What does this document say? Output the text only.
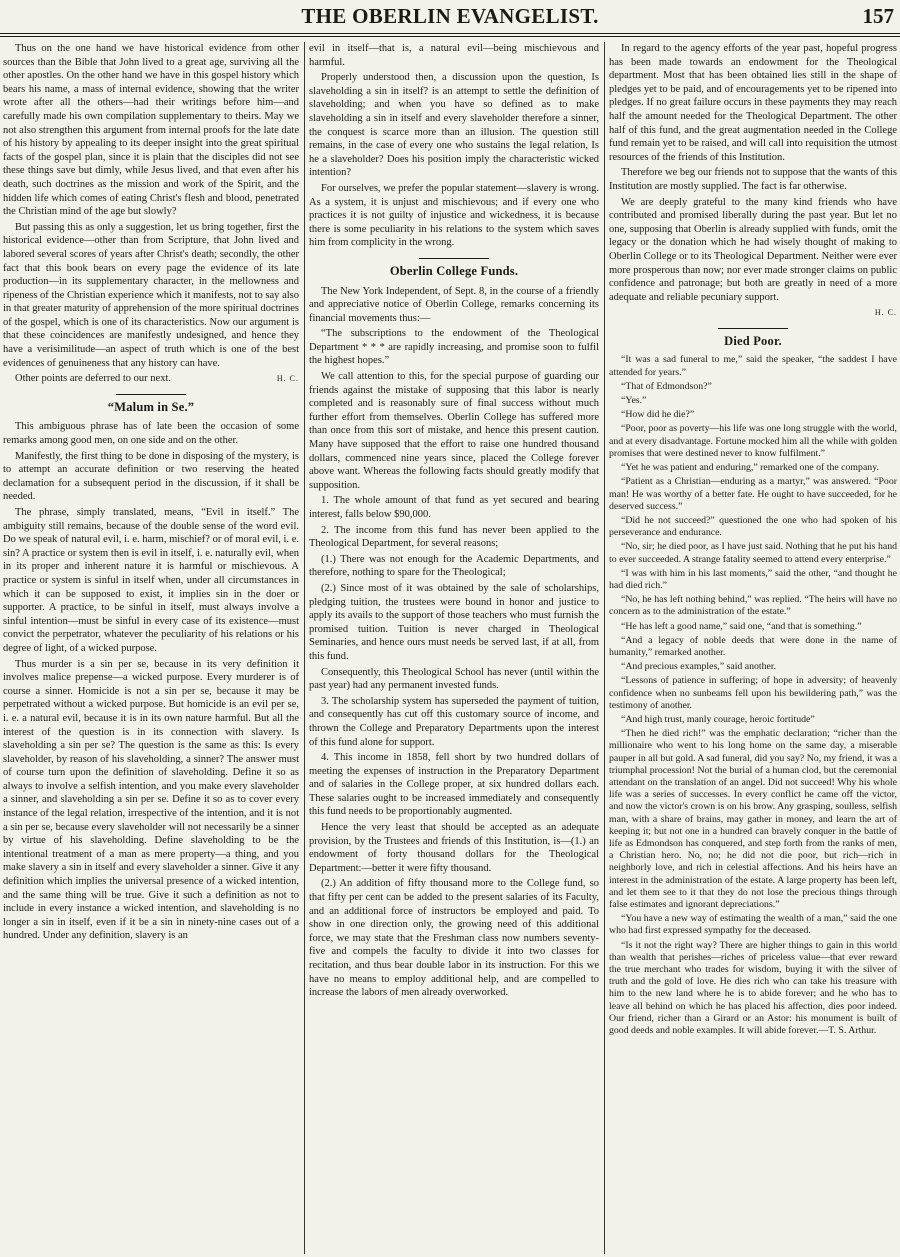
THE OBERLIN EVANGELIST.	157

Thus on the one hand we have historical evidence from other sources than the Bible that John lived to a great age, surviving all the other apostles. On the other hand we have in this gospel history which bears his name, a mass of internal evidence, showing that the writer wrote after all the others—had their writings before him—and carefully made his own compilation supplementary to theirs. May we not also strengthen this argument from internal proofs for the late date of his history by appealing to its deeper insight into the great spiritual facts of the gospel plan, since it is plain that the disciples did not see these things save but dimly, while Jesus lived, and that even after his death, such doctrines as the mission and work of the Spirit, and the hidden life which comes of eating Christ's flesh and blood, penetrated the Christian mind of the age but slowly?

But passing this as only a suggestion, let us bring together, first the historical evidence—other than from Scripture, that John lived and labored several scores of years after Christ's death; secondly, the other fact that this book bears on every page the evidence of its late production—in its supplementary character, in the mellowness and ripeness of the Christian experience which it manifests, not to say also in that greater maturity of apprehension of the more spiritual doctrines of the gospel, which is one of its characteristics. Now our argument is that these coincidences are manifestly undesigned, and hence they have a verisimilitude—an aspect of truth which is one of the best evidences of genuineness that any history can have.

Other points are deferred to our next.	H. C.

“Malum in Se.”

This ambiguous phrase has of late been the occasion of some remarks among good men, on one side and on the other.

Manifestly, the first thing to be done in disposing of the mystery, is to attempt an accurate definition or two reserving the heated declamation for a subsequent period in the discussion, if it shall be needed.

The phrase, simply translated, means, “Evil in itself.” The ambiguity still remains, because of the double sense of the word evil. Do we speak of natural evil, i. e. harm, mischief? or of moral evil, i. e. sin? A practice or system then is evil in itself, i. e. naturally evil, when in its proper and inherent nature it is harmful or mischievous. A practice or system is sinful in itself when, under all circumstances in which it can be supposed to exist, it implies sin in the doer or supporter. A practice, to be sinful in itself, must always involve a sinful intention—must be sinful in every case of its existence—must convict the perpetrator, whatever the peculiarity of his relations or his degree of light, of a wicked purpose.

Thus murder is a sin per se, because in its very definition it involves malice prepense—a wicked purpose. Every murderer is of course a sinner. Homicide is not a sin per se, because it may be perpetrated without a wicked purpose. But homicide is an evil per se, i. e. a natural evil, because it is in its own nature harmful. But all the interest of the question is in its connection with slavery. Is slaveholding a sin per se? The question is the same as this: Is every slaveholder, by reason of his slaveholding, a sinner? The answer must of course turn upon the definition of slaveholding. Define it so as always to involve a selfish intention, and you make every slaveholder a sinner, and slaveholding a sin per se. Define it so as to cover every instance of the legal relation, irrespective of the intention, and it is not a sin per se, because every slaveholder will not necessarily be a sinner by virtue of his slaveholding. Define slaveholding to be the intentional treatment of a man as mere property—a thing, and you make slavery a sin in itself and every slaveholder a sinner. Give it any definition which implies the universal presence of a wicked intention, and the same thing will be true. Give it such a definition as not to include in every instance a wicked intention, and slaveholding is no longer a sin in itself, even if it be a sin in ninety-nine cases out of a hundred. Under any definition, slavery is an

evil in itself—that is, a natural evil—being mischievous and harmful.

Properly understood then, a discussion upon the question, Is slaveholding a sin in itself? is an attempt to settle the definition of slaveholding; and when you have so defined as to make slaveholding a sin in itself and every slaveholder therefore a sinner, the conquest is scarce more than an illusion. The question still remains, in the case of every one who sustains the legal relation, Is he a slaveholder? Does his position imply the characteristic wicked intention?

For ourselves, we prefer the popular statement—slavery is wrong. As a system, it is unjust and mischievous; and if every one who practices it is not guilty of injustice and wickedness, it is because there is some peculiarity in his relations to the system which saves him from complicity in the wrong.

Oberlin College Funds.

The New York Independent, of Sept. 8, in the course of a friendly and appreciative notice of Oberlin College, remarks concerning its financial movements thus:—

“The subscriptions to the endowment of the Theological Department * * * are rapidly increasing, and promise soon to fulfil the highest hopes.”

We call attention to this, for the special purpose of guarding our friends against the mistake of supposing that this labor is nearly completed and is reasonably sure of final success without much further effort from themselves. Oberlin College has suffered more than once from this sort of mistake, and hence this present caution. Many have supposed that the effort to raise one hundred thousand dollars, commenced nine years since, placed the College forever above want. Whereas the following facts should greatly modify that supposition.

1. The whole amount of that fund as yet secured and bearing interest, falls below $90,000.

2. The income from this fund has never been applied to the Theological Department, for several reasons;

(1.) There was not enough for the Academic Departments, and therefore, nothing to spare for the Theological;

(2.) Since most of it was obtained by the sale of scholarships, pledging tuition, the trustees were bound in honor and justice to apply its avails to the support of those teachers who must furnish the promised tuition. Tuition is never charged in Theological Seminaries, and hence ours must needs be served last, if at all, from this fund.

Consequently, this Theological School has never (until within the past year) had any permanent invested funds.

3. The scholarship system has superseded the payment of tuition, and consequently has cut off this customary source of income, and thrown the College and Preparatory Departments upon the interest of this fund alone for support.

4. This income in 1858, fell short by two hundred dollars of meeting the expenses of instruction in the Preparatory Department and of salaries in the College proper, at six hundred dollars each. These salaries ought to be increased immediately and consequently this fund needs to be proportionably augmented.

Hence the very least that should be accepted as an adequate provision, by the Trustees and friends of this Institution, is—(1.) an endowment of forty thousand dollars for the Theological Department:—better it were fifty thousand.

(2.) An addition of fifty thousand more to the College fund, so that fifty per cent can be added to the present salaries of its Faculty, and an additional force of instructors be employed and paid. To show in one direction only, the growing need of this additional force, we may state that the Freshman class now numbers seventy-five and compels the faculty to divide it into two classes for recitation, and thus bear double labor in its instruction. For this we have no means to employ additional help, and are compelled to increase the labors of men already overworked.

In regard to the agency efforts of the year past, hopeful progress has been made towards an endowment for the Theological department. Most that has been obtained lies still in the shape of pledges yet to be paid, and of encouragements yet to be ripened into pledges. If no great failure occurs in these payments they may reach half the amount needed for the Theological Department. The other half of this fund, and the great augmentation needed in the College fund remain yet to be raised, and will call into requisition the utmost resources of the friends of this Institution.

Therefore we beg our friends not to suppose that the wants of this Institution are mostly supplied. The fact is far otherwise.

We are deeply grateful to the many kind friends who have contributed and promised liberally during the past year. But let no one, supposing that Oberlin is already supplied with funds, omit the legacy or the donation which he had wisely thought of making to Oberlin College or to its Theological Department. Neither were ever more prosperous than now; nor ever made stronger claims on public confidence and patronage; but both are greatly in need of a more adequate and reliable pecuniary support.

H. C.
Died Poor.

“It was a sad funeral to me,” said the speaker, “the saddest I have attended for years.”

“That of Edmondson?”

“Yes.”

“How did he die?”

“Poor, poor as poverty—his life was one long struggle with the world, and at every disadvantage. Fortune mocked him all the while with golden promises that were destined never to know fulfilment.”

“Yet he was patient and enduring,” remarked one of the company.

“Patient as a Christian—enduring as a martyr,” was answered. “Poor man! He was worthy of a better fate. He ought to have succeeded, for he deserved success.”

“Did he not succeed?” questioned the one who had spoken of his perseverance and endurance.

“No, sir; he died poor, as I have just said. Nothing that he put his hand to ever succeeded. A strange fatality seemed to attend every enterprise.”

“I was with him in his last moments,” said the other, “and thought he had died rich.”

“No, he has left nothing behind,” was replied. “The heirs will have no concern as to the administration of the estate.”

“He has left a good name,” said one, “and that is something.”

“And a legacy of noble deeds that were done in the name of humanity,” remarked another.

“And precious examples,” said another.

“Lessons of patience in suffering; of hope in adversity; of heavenly confidence when no sunbeams fell upon his bewildering path,” was the testimony of another.

“And high trust, manly courage, heroic fortitude”

“Then he died rich!” was the emphatic declaration; “richer than the millionaire who went to his long home on the same day, a miserable pauper in all but gold. A sad funeral, did you say? No, my friend, it was a triumphal procession! Not the burial of a human clod, but the ceremonial attendant on the translation of an angel. Did not succeed! Why his whole life was a series of successes. In every conflict he came off the victor, and now the victor's crown is on his brow. Any grasping, soulless, selfish man, with a share of brains, may gather in money, and learn the art of keeping it; but not one in a hundred can bravely conquer in the battle of life as Edmondson has conquered, and step forth from the ranks of men, a Christian hero. No, no; he did not die poor, but rich—rich in neighborly love, and rich in celestial affections. And his heirs have an interest in the administration of the estate. A large property has been left, and let them see to it that they do not lose the precious things through false estimates and ignorant depreciations.”

“You have a new way of estimating the wealth of a man,” said the one who had first expressed sympathy for the deceased.

“Is it not the right way? There are higher things to gain in this world than wealth that perishes—riches of priceless value—that ever reward the true merchant who trades for wisdom, buying it with the silver of truth and the gold of love. He dies rich who can take his treasure with him to the new land where he is to abide forever; and he who has to leave all behind on which he has placed his affection, dies poor indeed. Our friend, richer than a Girard or an Astor: his monument is built of good deeds and noble examples. It will abide forever.—T. S. Arthur.
